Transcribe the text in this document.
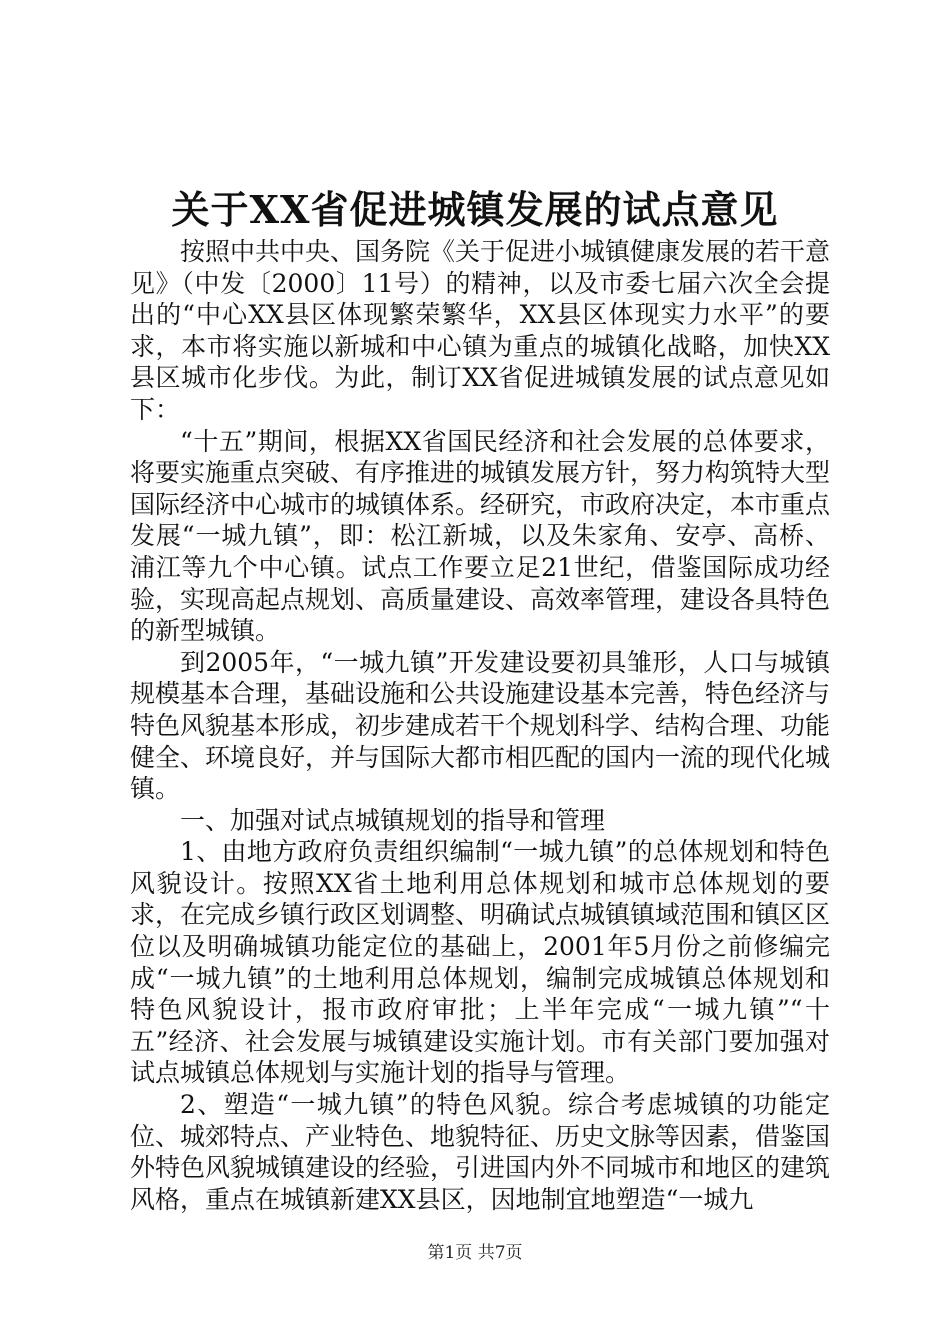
关于XX省促进城镇发展的试点意见

按照中共中央、国务院《关于促进小城镇健康发展的若干意见》（中发〔2000〕11号）的精神，以及市委七届六次全会提出的“中心XX县区体现繁荣繁华，XX县区体现实力水平”的要求，本市将实施以新城和中心镇为重点的城镇化战略，加快XX县区城市化步伐。为此，制订XX省促进城镇发展的试点意见如下：

“十五”期间，根据XX省国民经济和社会发展的总体要求，将要实施重点突破、有序推进的城镇发展方针，努力构筑特大型国际经济中心城市的城镇体系。经研究，市政府决定，本市重点发展“一城九镇”，即：松江新城，以及朱家角、安亭、高桥、浦江等九个中心镇。试点工作要立足21世纪，借鉴国际成功经验，实现高起点规划、高质量建设、高效率管理，建设各具特色的新型城镇。

到2005年，“一城九镇”开发建设要初具雏形，人口与城镇规模基本合理，基础设施和公共设施建设基本完善，特色经济与特色风貌基本形成，初步建成若干个规划科学、结构合理、功能健全、环境良好，并与国际大都市相匹配的国内一流的现代化城镇。

一、加强对试点城镇规划的指导和管理

1、由地方政府负责组织编制“一城九镇”的总体规划和特色风貌设计。按照XX省土地利用总体规划和城市总体规划的要求，在完成乡镇行政区划调整、明确试点城镇镇域范围和镇区区位以及明确城镇功能定位的基础上，2001年5月份之前修编完成“一城九镇”的土地利用总体规划，编制完成城镇总体规划和特色风貌设计，报市政府审批；上半年完成“一城九镇”“十五”经济、社会发展与城镇建设实施计划。市有关部门要加强对试点城镇总体规划与实施计划的指导与管理。

2、塑造“一城九镇”的特色风貌。综合考虑城镇的功能定位、城郊特点、产业特色、地貌特征、历史文脉等因素，借鉴国外特色风貌城镇建设的经验，引进国内外不同城市和地区的建筑风格，重点在城镇新建XX县区，因地制宜地塑造“一城九

第1页 共7页
